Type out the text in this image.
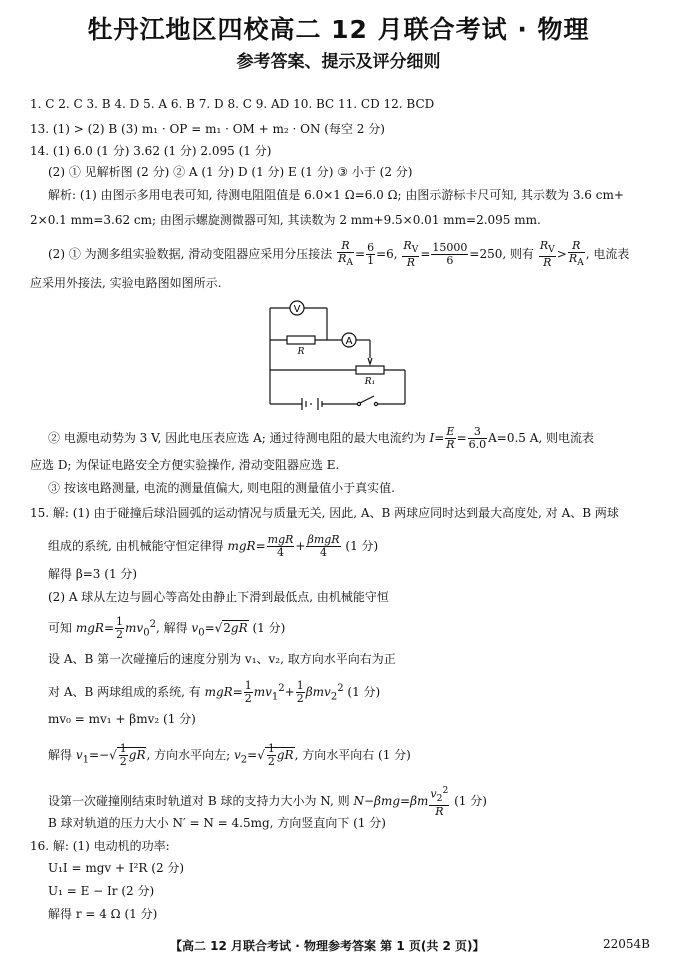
牡丹江地区四校高二 12 月联合考试 · 物理
参考答案、提示及评分细则
1. C 2. C 3. B 4. D 5. A 6. B 7. D 8. C 9. AD 10. BC 11. CD 12. BCD
13. (1) > (2) B (3) m₁ · OP = m₁ · OM + m₂ · ON (每空 2 分)
14. (1) 6.0 (1 分) 3.62 (1 分) 2.095 (1 分)
(2) ① 见解析图 (2 分) ② A (1 分) D (1 分) E (1 分) ③ 小于 (2 分)
解析: (1) 由图示多用电表可知, 待测电阻阻值是 6.0×1 Ω=6.0 Ω; 由图示游标卡尺可知, 其示数为 3.6 cm+
2×0.1 mm=3.62 cm; 由图示螺旋测微器可知, 其读数为 2 mm+9.5×0.01 mm=2.095 mm.
(2) ① 为测多组实验数据, 滑动变阻器应采用分压接法 $\frac{R}{R_A} = \frac{6}{1} =6$, $\frac{R_V}{R} = \frac{15000}{6} =250$, 则有 $\frac{R_V}{R} > \frac{R}{R_A}$ , 电流表
应采用外接法, 实验电路图如图所示.
V
A
R
R₁
② 电源电动势为 3 V, 因此电压表应选 A; 通过待测电阻的最大电流约为 $I= \frac{E}{R} = \frac{3}{6.0} A=0.5$ A, 则电流表
应选 D; 为保证电路安全方便实验操作, 滑动变阻器应选 E.
③ 按该电路测量, 电流的测量值偏大, 则电阻的测量值小于真实值.
15. 解: (1) 由于碰撞后球沿圆弧的运动情况与质量无关, 因此, A、B 两球应同时达到最大高度处, 对 A、B 两球
组成的系统, 由机械能守恒定律得 $mgR= \frac{\text{mgR}}{4} + \frac{\text{βmgR}}{4} (1$ 分)
解得 β=3 (1 分)
(2) A 球从左边与圆心等高处由静止下滑到最低点, 由机械能守恒
可知 $mgR= \frac{1}{2} mv_0^2$, 解得 $v_0=√2gR$ (1 分)
设 A、B 第一次碰撞后的速度分别为 v₁、v₂, 取方向水平向右为正
对 A、B 两球组成的系统, 有 $mgR= \frac{1}{2} mv_1^2+ \frac{1}{2} \beta mv_2^2$ (1 分)
mv₀ = mv₁ + βmv₂ (1 分)
解得 $v_1=-√ \frac{1}{2}$ gR, 方向水平向左; $v_2=√ \frac{1}{2}$ gR, 方向水平向右 (1 分)
设第一次碰撞刚结束时轨道对 B 球的支持力大小为 N, 则 $N-\beta mg=\beta m \frac{v_2^2}{R} (1$ 分)
B 球对轨道的压力大小 N′ = N = 4.5mg, 方向竖直向下 (1 分)
16. 解: (1) 电动机的功率:
U₁I = mgv + I²R (2 分)
U₁ = E − Ir (2 分)
解得 r = 4 Ω (1 分)
【高二 12 月联合考试 · 物理参考答案 第 1 页(共 2 页)】	22054B
